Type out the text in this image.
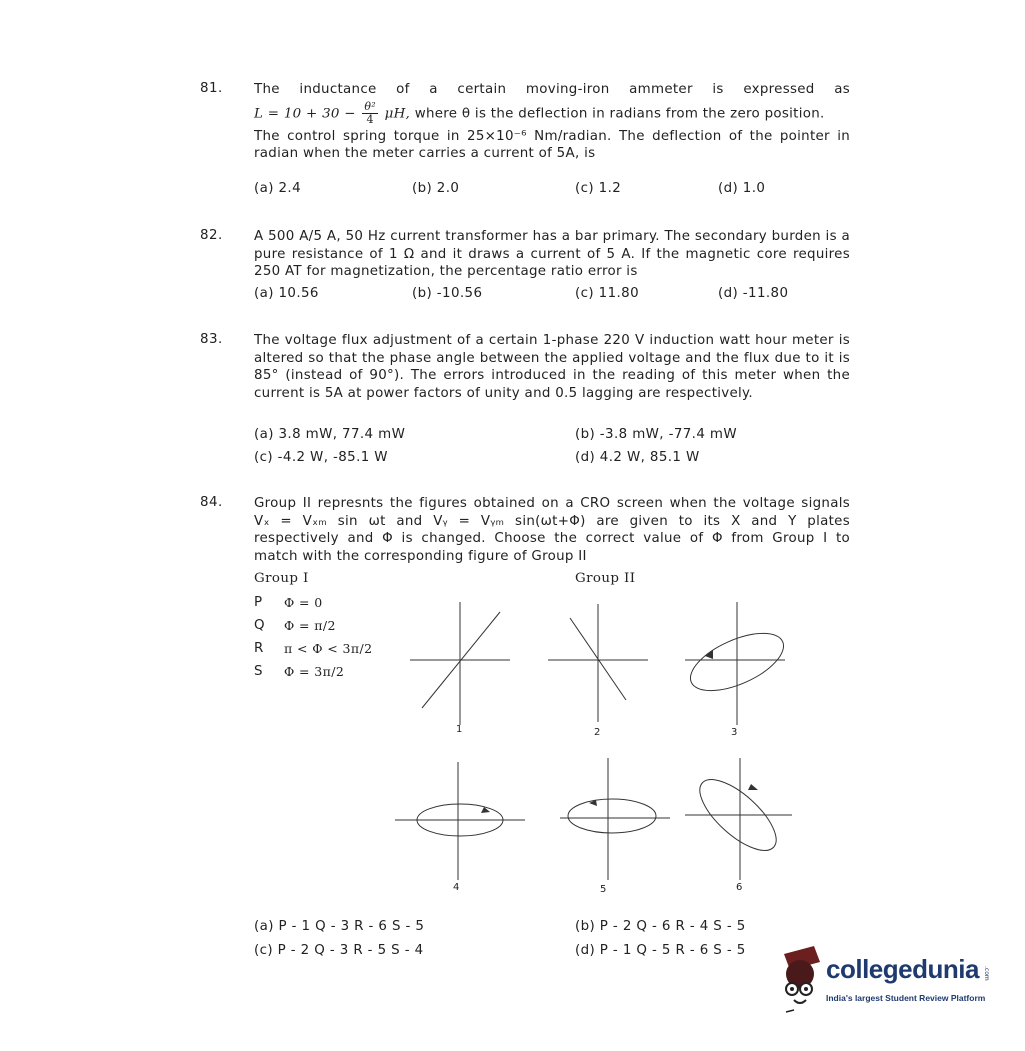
81. The inductance of a certain moving-iron ammeter is expressed as
$L = 10 + 30 - \frac{\text{θ²}}{4} \mu H$, where θ is the deflection in radians from the zero position.
The control spring torque in 25×10⁻⁶ Nm/radian. The deflection of the pointer in radian when the meter carries a current of 5A, is
(a) 2.4	(b) 2.0	(c) 1.2	(d) 1.0
82. A 500 A/5 A, 50 Hz current transformer has a bar primary. The secondary burden is a pure resistance of 1 Ω and it draws a current of 5 A. If the magnetic core requires 250 AT for magnetization, the percentage ratio error is
(a) 10.56	(b) -10.56	(c) 11.80	(d) -11.80
83. The voltage flux adjustment of a certain 1-phase 220 V induction watt hour meter is altered so that the phase angle between the applied voltage and the flux due to it is 85° (instead of 90°). The errors introduced in the reading of this meter when the current is 5A at power factors of unity and 0.5 lagging are respectively.
(a) 3.8 mW, 77.4 mW	(b) -3.8 mW, -77.4 mW
(c) -4.2 W, -85.1 W	(d) 4.2 W, 85.1 W
84. Group II represnts the figures obtained on a CRO screen when the voltage signals
Vₓ = Vₓₘ sin ωt and Vᵧ = Vᵧₘ sin(ωt+Φ) are given to its X and Y plates
respectively and Φ is changed. Choose the correct value of Φ from Group I to
match with the corresponding figure of Group II
Group I	Group II
P Φ = 0
Q Φ = π/2
R π < Φ < 3π/2
S Φ = 3π/2
(a) P - 1 Q - 3 R - 6 S - 5	(b) P - 2 Q - 6 R - 4 S - 5
(c) P - 2 Q - 3 R - 5 S - 4	(d) P - 1 Q - 5 R - 6 S - 5
1	2	3
4	5	6
collegedunia .com
India's largest Student Review Platform
